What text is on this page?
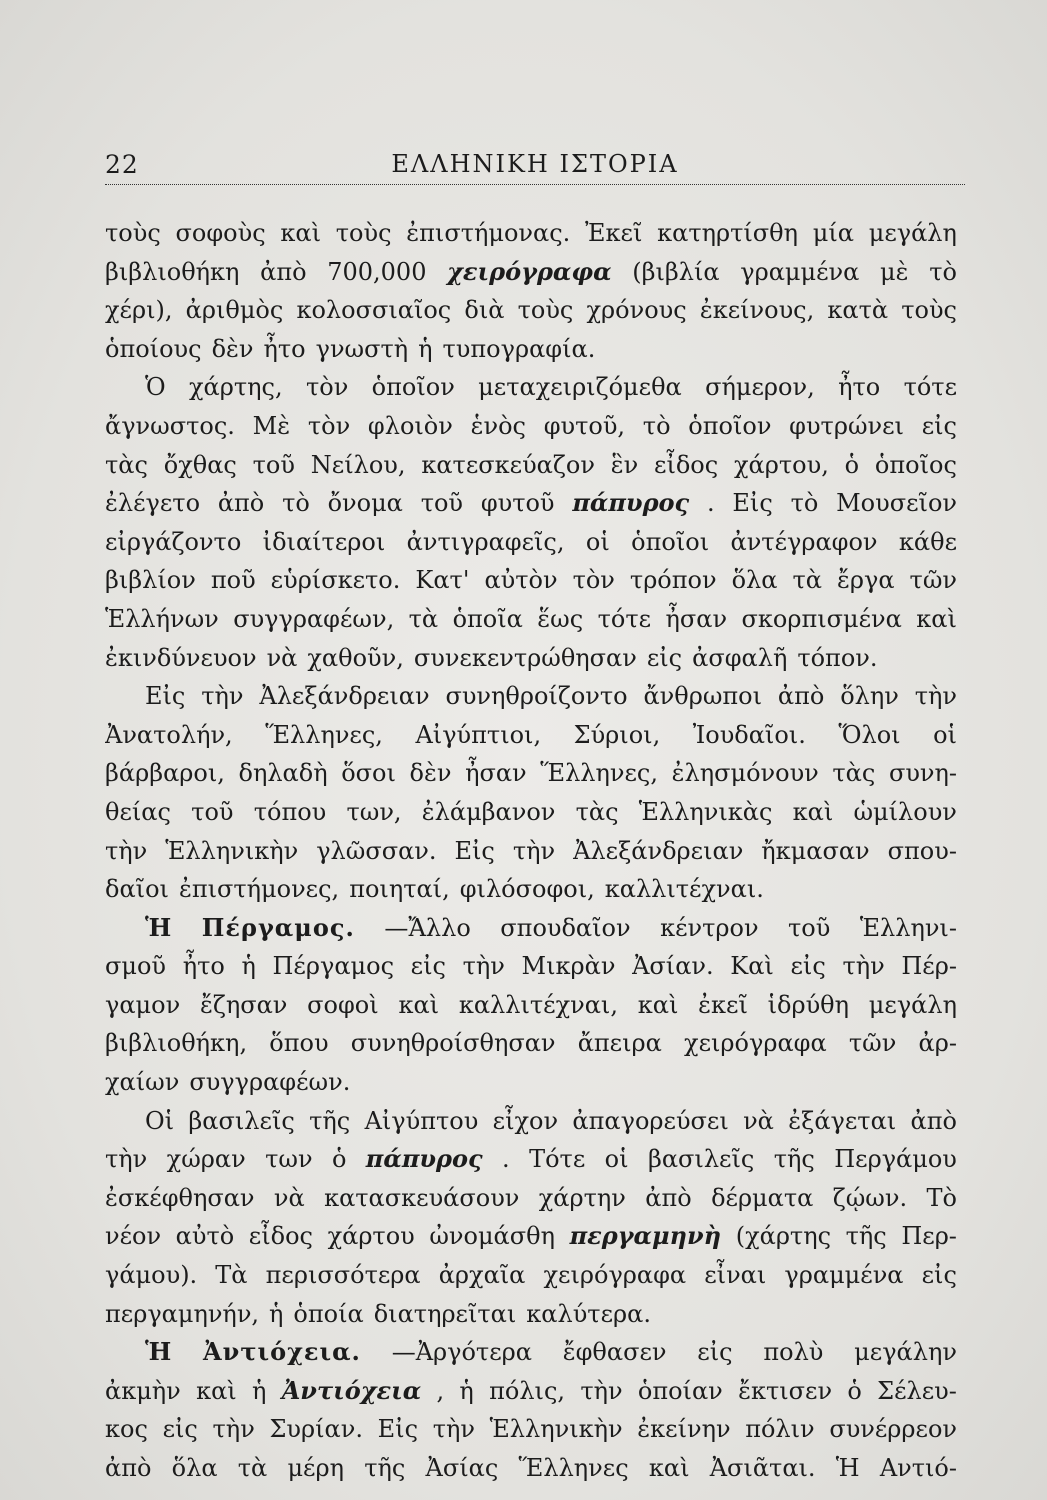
22	ΕΛΛΗΝΙΚΗ ΙΣΤΟΡΙΑ
τοὺς σοφοὺς καὶ τοὺς ἐπιστήμονας. Ἐκεῖ κατηρτίσθη μία μεγάλη
βιβλιοθήκη ἀπὸ 700,000 χειρόγραφα (βιβλία γραμμένα μὲ τὸ
χέρι), ἀριθμὸς κολοσσιαῖος διὰ τοὺς χρόνους ἐκείνους, κατὰ τοὺς
ὁποίους δὲν ἦτο γνωστὴ ἡ τυπογραφία.
Ὁ χάρτης, τὸν ὁποῖον μεταχειριζόμεθα σήμερον, ἦτο τότε
ἄγνωστος. Μὲ τὸν φλοιὸν ἑνὸς φυτοῦ, τὸ ὁποῖον φυτρώνει εἰς
τὰς ὄχθας τοῦ Νείλου, κατεσκεύαζον ἓν εἶδος χάρτου, ὁ ὁποῖος
ἐλέγετο ἀπὸ τὸ ὄνομα τοῦ φυτοῦ πάπυρος . Εἰς τὸ Μουσεῖον
εἰργάζοντο ἰδιαίτεροι ἀντιγραφεῖς, οἱ ὁποῖοι ἀντέγραφον κάθε
βιβλίον ποῦ εὑρίσκετο. Κατ' αὐτὸν τὸν τρόπον ὅλα τὰ ἔργα τῶν
Ἑλλήνων συγγραφέων, τὰ ὁποῖα ἕως τότε ἦσαν σκορπισμένα καὶ
ἐκινδύνευον νὰ χαθοῦν, συνεκεντρώθησαν εἰς ἀσφαλῆ τόπον.
Εἰς τὴν Ἀλεξάνδρειαν συνηθροίζοντο ἄνθρωποι ἀπὸ ὅλην τὴν
Ἀνατολήν, Ἕλληνες, Αἰγύπτιοι, Σύριοι, Ἰουδαῖοι. Ὅλοι οἱ
βάρβαροι, δηλαδὴ ὅσοι δὲν ἦσαν Ἕλληνες, ἐλησμόνουν τὰς συνη-
θείας τοῦ τόπου των, ἐλάμβανον τὰς Ἑλληνικὰς καὶ ὡμίλουν
τὴν Ἑλληνικὴν γλῶσσαν. Εἰς τὴν Ἀλεξάνδρειαν ἤκμασαν σπου-
δαῖοι ἐπιστήμονες, ποιηταί, φιλόσοφοι, καλλιτέχναι.
Ἡ Πέργαμος. —Ἄλλο σπουδαῖον κέντρον τοῦ Ἑλληνι-
σμοῦ ἦτο ἡ Πέργαμος εἰς τὴν Μικρὰν Ἀσίαν. Καὶ εἰς τὴν Πέρ-
γαμον ἔζησαν σοφοὶ καὶ καλλιτέχναι, καὶ ἐκεῖ ἱδρύθη μεγάλη
βιβλιοθήκη, ὅπου συνηθροίσθησαν ἄπειρα χειρόγραφα τῶν ἀρ-
χαίων συγγραφέων.
Οἱ βασιλεῖς τῆς Αἰγύπτου εἶχον ἀπαγορεύσει νὰ ἐξάγεται ἀπὸ
τὴν χώραν των ὁ πάπυρος . Τότε οἱ βασιλεῖς τῆς Περγάμου
ἐσκέφθησαν νὰ κατασκευάσουν χάρτην ἀπὸ δέρματα ζῴων. Τὸ
νέον αὐτὸ εἶδος χάρτου ὠνομάσθη περγαμηνὴ (χάρτης τῆς Περ-
γάμου). Τὰ περισσότερα ἀρχαῖα χειρόγραφα εἶναι γραμμένα εἰς
περγαμηνήν, ἡ ὁποία διατηρεῖται καλύτερα.
Ἡ Ἀντιόχεια. —Ἀργότερα ἔφθασεν εἰς πολὺ μεγάλην
ἀκμὴν καὶ ἡ Ἀντιόχεια , ἡ πόλις, τὴν ὁποίαν ἔκτισεν ὁ Σέλευ-
κος εἰς τὴν Συρίαν. Εἰς τὴν Ἑλληνικὴν ἐκείνην πόλιν συνέρρεον
ἀπὸ ὅλα τὰ μέρη τῆς Ἀσίας Ἕλληνες καὶ Ἀσιᾶται. Ἡ Αντιό-
